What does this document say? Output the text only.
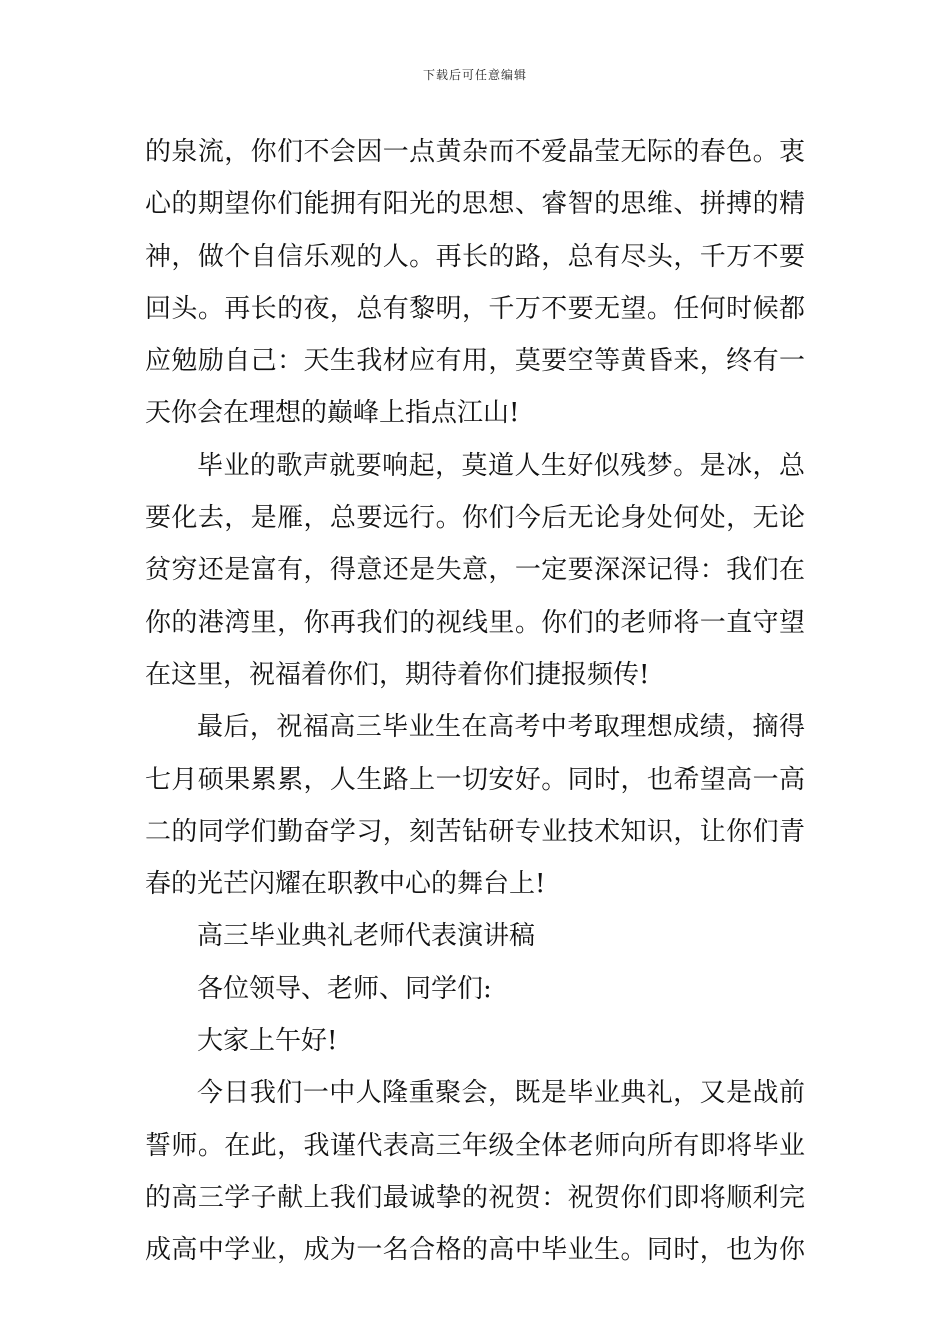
下载后可任意编辑
的泉流，你们不会因一点黄杂而不爱晶莹无际的春色。衷
心的期望你们能拥有阳光的思想、睿智的思维、拼搏的精
神，做个自信乐观的人。再长的路，总有尽头，千万不要
回头。再长的夜，总有黎明，千万不要无望。任何时候都
应勉励自己：天生我材应有用，莫要空等黄昏来，终有一
天你会在理想的巅峰上指点江山!
毕业的歌声就要响起，莫道人生好似残梦。是冰，总
要化去，是雁，总要远行。你们今后无论身处何处，无论
贫穷还是富有，得意还是失意，一定要深深记得：我们在
你的港湾里，你再我们的视线里。你们的老师将一直守望
在这里，祝福着你们，期待着你们捷报频传!
最后，祝福高三毕业生在高考中考取理想成绩，摘得
七月硕果累累，人生路上一切安好。同时，也希望高一高
二的同学们勤奋学习，刻苦钻研专业技术知识，让你们青
春的光芒闪耀在职教中心的舞台上!
高三毕业典礼老师代表演讲稿
各位领导、老师、同学们:
大家上午好!
今日我们一中人隆重聚会，既是毕业典礼，又是战前
誓师。在此，我谨代表高三年级全体老师向所有即将毕业
的高三学子献上我们最诚挚的祝贺：祝贺你们即将顺利完
成高中学业，成为一名合格的高中毕业生。同时，也为你
